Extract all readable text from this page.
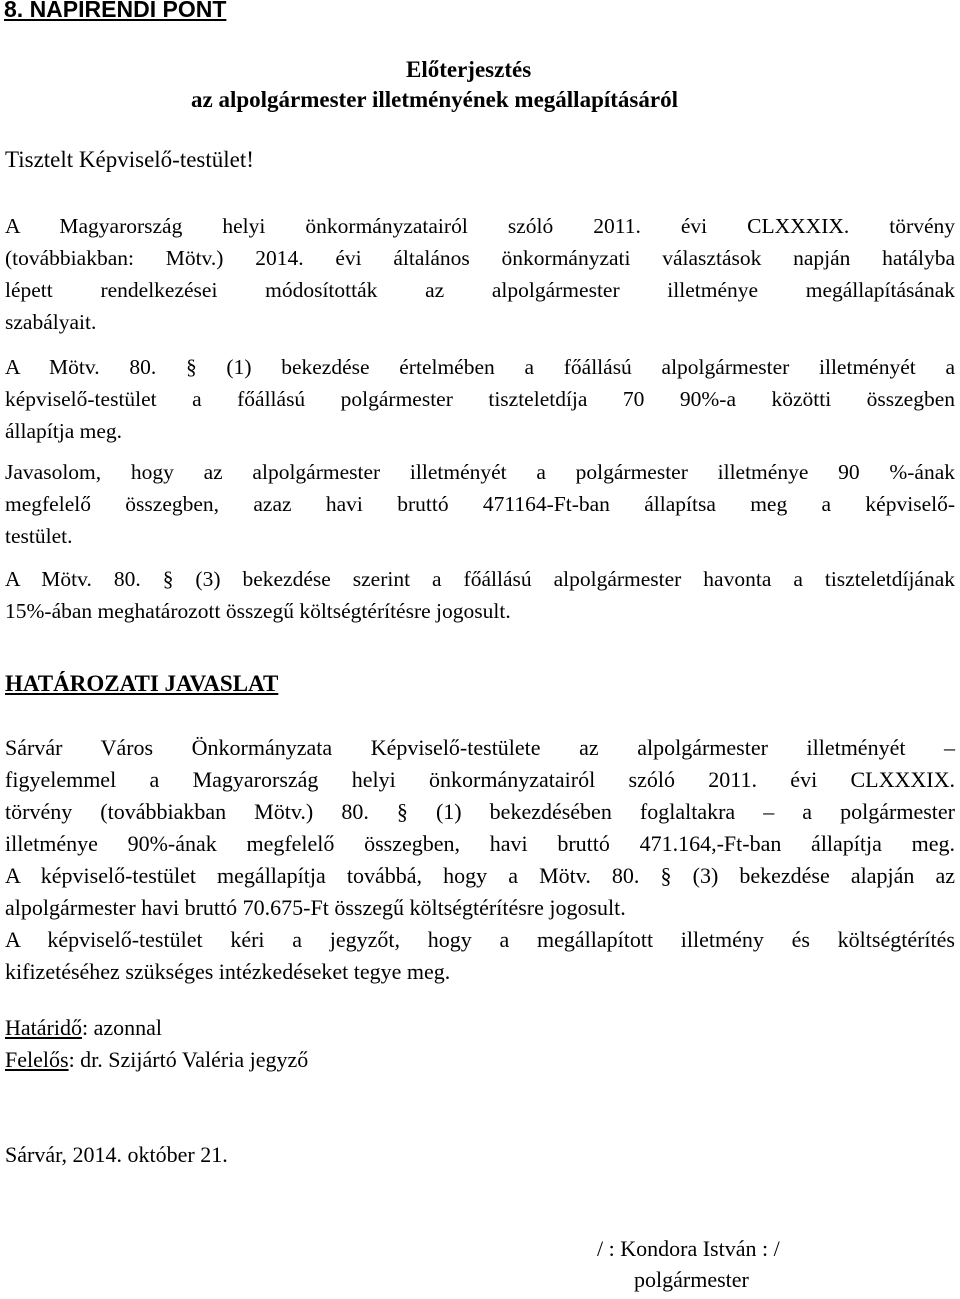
8. NAPIRENDI PONT
Előterjesztés
az alpolgármester illetményének megállapításáról
Tisztelt Képviselő-testület!

A Magyarország helyi önkormányzatairól szóló 2011. évi CLXXXIX. törvény

(továbbiakban: Mötv.) 2014. évi általános önkormányzati választások napján hatályba

lépett rendelkezései módosították az alpolgármester illetménye megállapításának

szabályait.

A Mötv. 80. § (1) bekezdése értelmében a főállású alpolgármester illetményét a

képviselő-testület a főállású polgármester tiszteletdíja 70 90%-a közötti összegben

állapítja meg.

Javasolom, hogy az alpolgármester illetményét a polgármester illetménye 90 %-ának

megfelelő összegben, azaz havi bruttó 471164-Ft-ban állapítsa meg a képviselő-

testület.

A Mötv. 80. § (3) bekezdése szerint a főállású alpolgármester havonta a tiszteletdíjának

15%-ában meghatározott összegű költségtérítésre jogosult.

HATÁROZATI JAVASLAT

Sárvár Város Önkormányzata Képviselő-testülete az alpolgármester illetményét –

figyelemmel a Magyarország helyi önkormányzatairól szóló 2011. évi CLXXXIX.

törvény (továbbiakban Mötv.) 80. § (1) bekezdésében foglaltakra – a polgármester

illetménye 90%-ának megfelelő összegben, havi bruttó 471.164,-Ft-ban állapítja meg.

A képviselő-testület megállapítja továbbá, hogy a Mötv. 80. § (3) bekezdése alapján az

alpolgármester havi bruttó 70.675-Ft összegű költségtérítésre jogosult.

A képviselő-testület kéri a jegyzőt, hogy a megállapított illetmény és költségtérítés

kifizetéséhez szükséges intézkedéseket tegye meg.

Határidő: azonnal
Felelős: dr. Szijártó Valéria jegyző
Sárvár, 2014. október 21.
/ : Kondora István : /
polgármester
